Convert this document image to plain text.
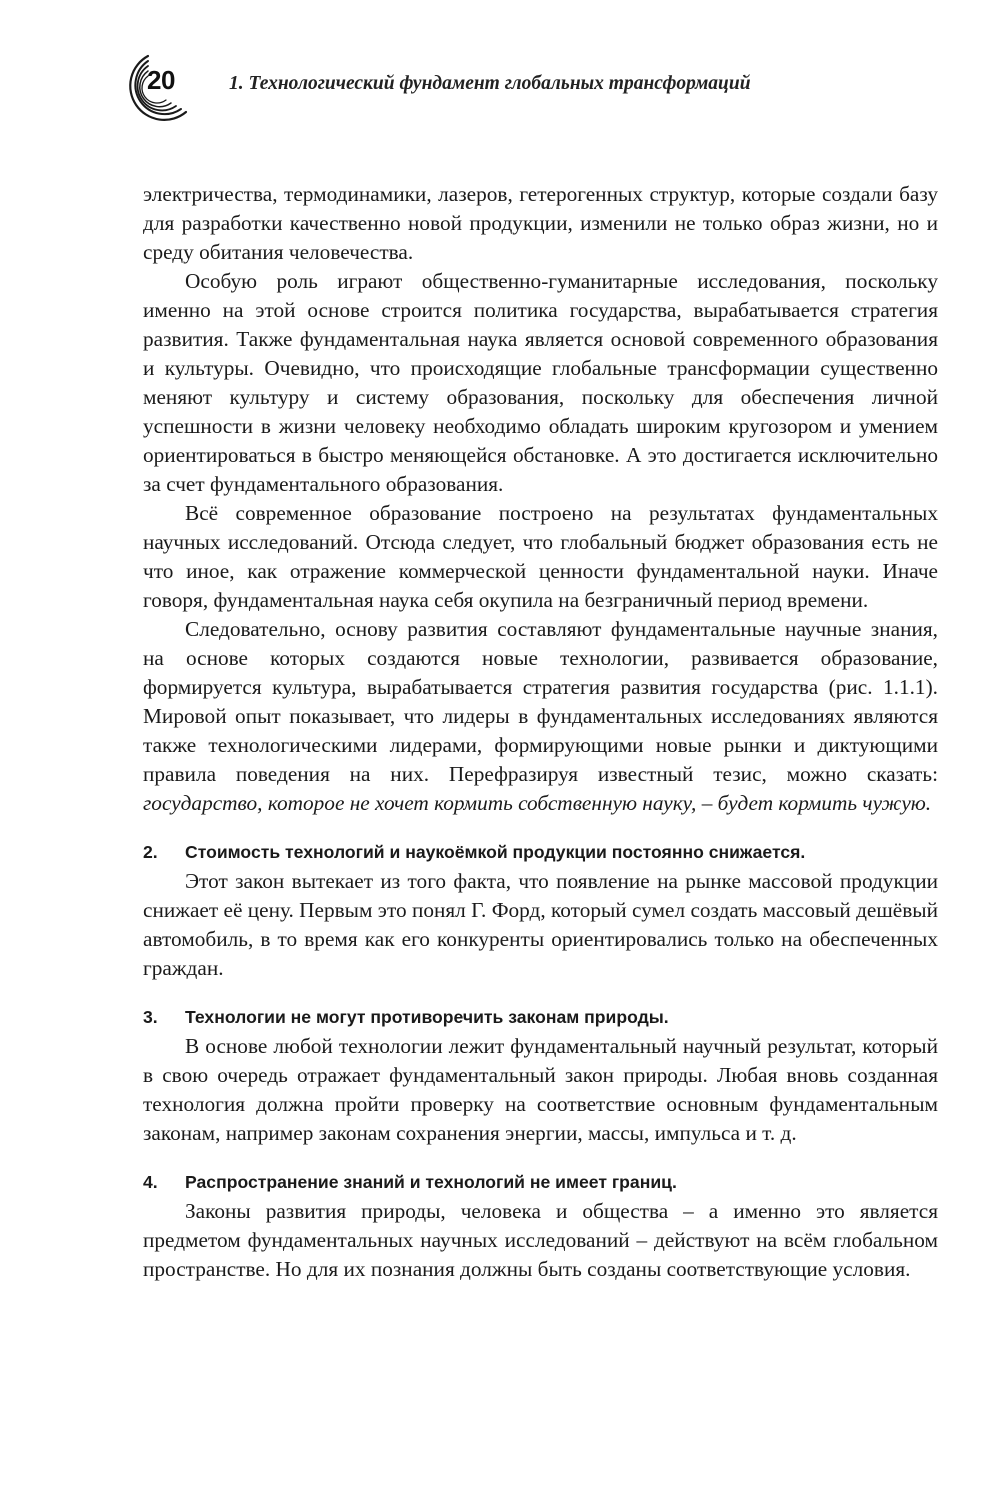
20	1. Технологический фундамент глобальных трансформаций

электричества, термодинамики, лазеров, гетерогенных структур, которые создали базу для разработки качественно новой продукции, изменили не только образ жизни, но и среду обитания человечества.

Особую роль играют общественно-гуманитарные исследования, поскольку именно на этой основе строится политика государства, вырабатывается стратегия развития. Также фундаментальная наука является основой современного образования и культуры. Очевидно, что происходящие глобальные трансформации существенно меняют культуру и систему образования, поскольку для обеспечения личной успешности в жизни человеку необходимо обладать широким кругозором и умением ориентироваться в быстро меняющейся обстановке. А это достигается исключительно за счет фундаментального образования.

Всё современное образование построено на результатах фундаментальных научных исследований. Отсюда следует, что глобальный бюджет образования есть не что иное, как отражение коммерческой ценности фундаментальной науки. Иначе говоря, фундаментальная наука себя окупила на безграничный период времени.

Следовательно, основу развития составляют фундаментальные научные знания, на основе которых создаются новые технологии, развивается образование, формируется культура, вырабатывается стратегия развития государства (рис. 1.1.1). Мировой опыт показывает, что лидеры в фундаментальных исследованиях являются также технологическими лидерами, формирующими новые рынки и диктующими правила поведения на них. Перефразируя известный тезис, можно сказать: государство, которое не хочет кормить собственную науку, – будет кормить чужую.

2.	Стоимость технологий и наукоёмкой продукции постоянно снижается.

Этот закон вытекает из того факта, что появление на рынке массовой продукции снижает её цену. Первым это понял Г. Форд, который сумел создать массовый дешёвый автомобиль, в то время как его конкуренты ориентировались только на обеспеченных граждан.

3.	Технологии не могут противоречить законам природы.

В основе любой технологии лежит фундаментальный научный результат, который в свою очередь отражает фундаментальный закон природы. Любая вновь созданная технология должна пройти проверку на соответствие основным фундаментальным законам, например законам сохранения энергии, массы, импульса и т. д.

4.	Распространение знаний и технологий не имеет границ.

Законы развития природы, человека и общества – а именно это является предметом фундаментальных научных исследований – действуют на всём глобальном пространстве. Но для их познания должны быть созданы соответствующие условия.
